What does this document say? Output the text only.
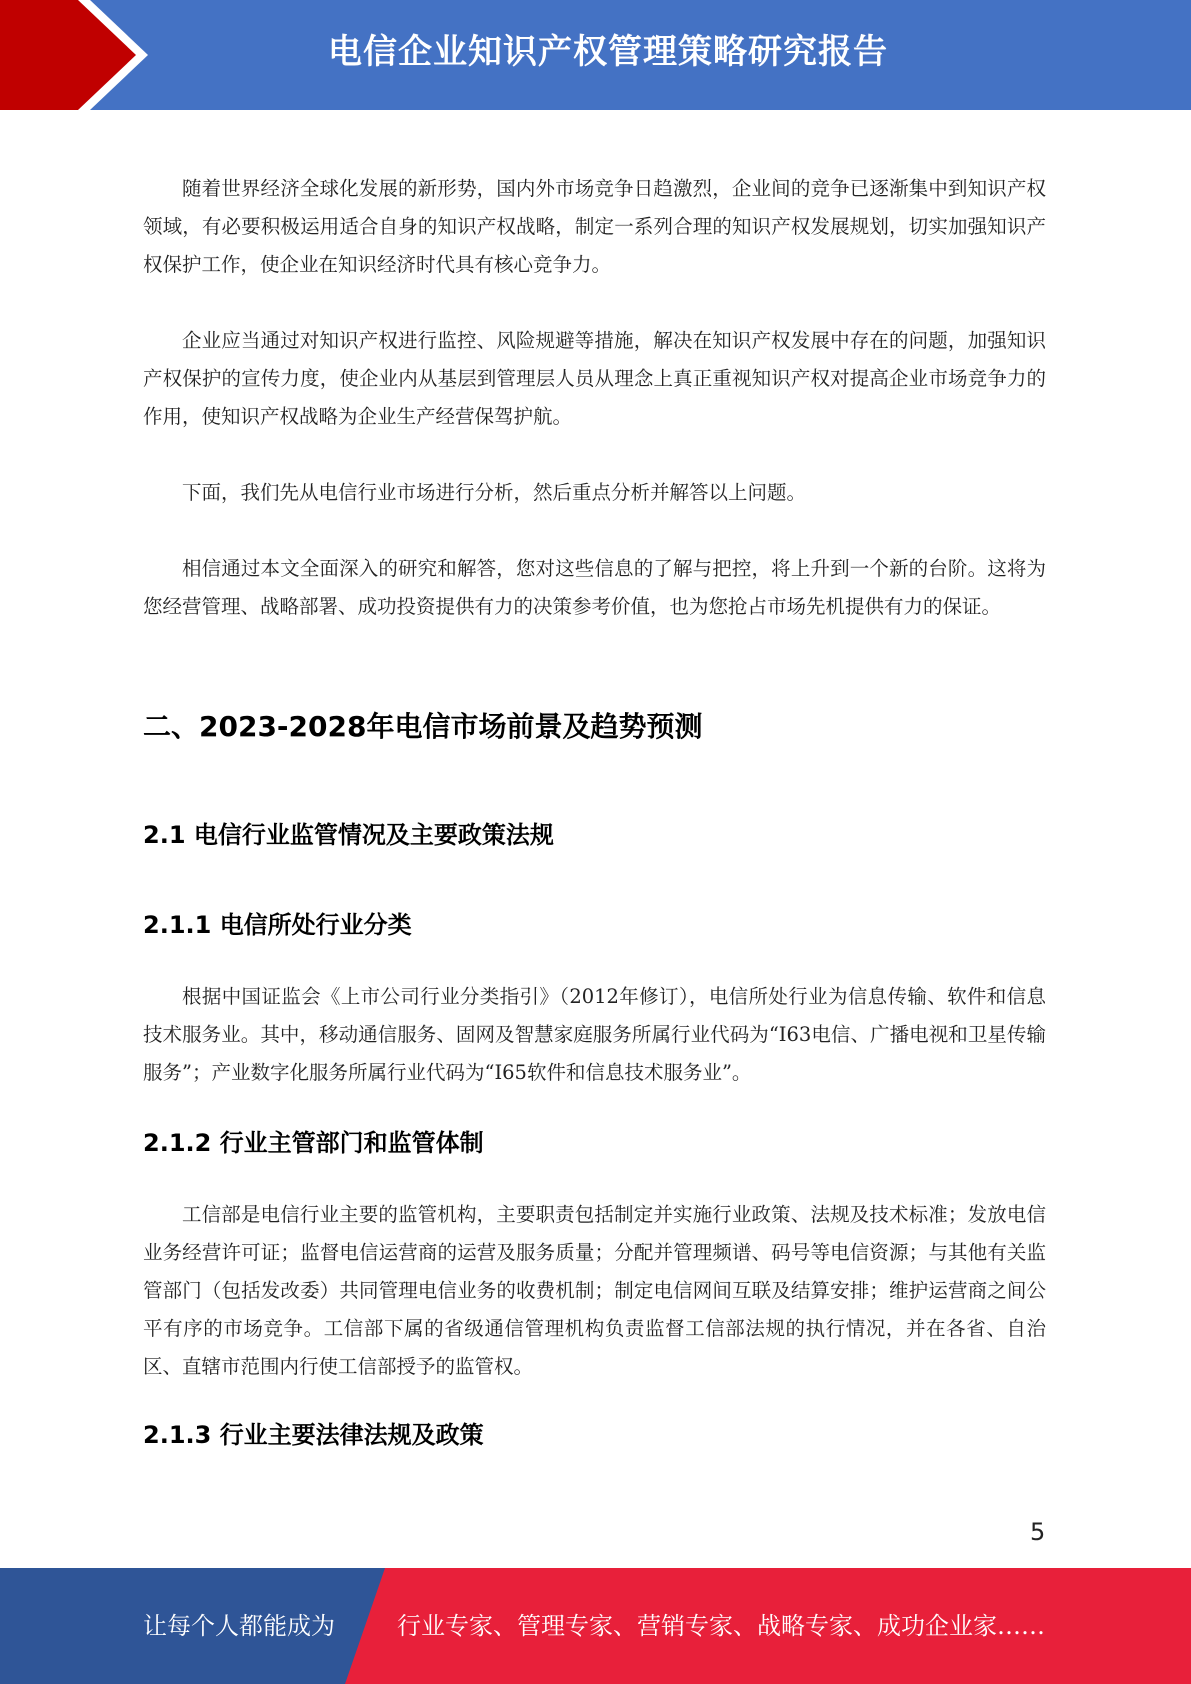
电信企业知识产权管理策略研究报告

随着世界经济全球化发展的新形势，国内外市场竞争日趋激烈，企业间的竞争已逐渐集中到知识产权领域，有必要积极运用适合自身的知识产权战略，制定一系列合理的知识产权发展规划，切实加强知识产权保护工作，使企业在知识经济时代具有核心竞争力。

企业应当通过对知识产权进行监控、风险规避等措施，解决在知识产权发展中存在的问题，加强知识产权保护的宣传力度，使企业内从基层到管理层人员从理念上真正重视知识产权对提高企业市场竞争力的作用，使知识产权战略为企业生产经营保驾护航。

下面，我们先从电信行业市场进行分析，然后重点分析并解答以上问题。

相信通过本文全面深入的研究和解答，您对这些信息的了解与把控，将上升到一个新的台阶。这将为您经营管理、战略部署、成功投资提供有力的决策参考价值，也为您抢占市场先机提供有力的保证。

二、2023-2028年电信市场前景及趋势预测
2.1 电信行业监管情况及主要政策法规
2.1.1 电信所处行业分类

根据中国证监会《上市公司行业分类指引》（2012年修订），电信所处行业为信息传输、软件和信息技术服务业。其中，移动通信服务、固网及智慧家庭服务所属行业代码为“I63电信、广播电视和卫星传输服务”；产业数字化服务所属行业代码为“I65软件和信息技术服务业”。

2.1.2 行业主管部门和监管体制

工信部是电信行业主要的监管机构，主要职责包括制定并实施行业政策、法规及技术标准；发放电信业务经营许可证；监督电信运营商的运营及服务质量；分配并管理频谱、码号等电信资源；与其他有关监管部门（包括发改委）共同管理电信业务的收费机制；制定电信网间互联及结算安排；维护运营商之间公平有序的市场竞争。工信部下属的省级通信管理机构负责监督工信部法规的执行情况，并在各省、自治区、直辖市范围内行使工信部授予的监管权。

2.1.3 行业主要法律法规及政策
5
让每个人都能成为	行业专家、管理专家、营销专家、战略专家、成功企业家……
